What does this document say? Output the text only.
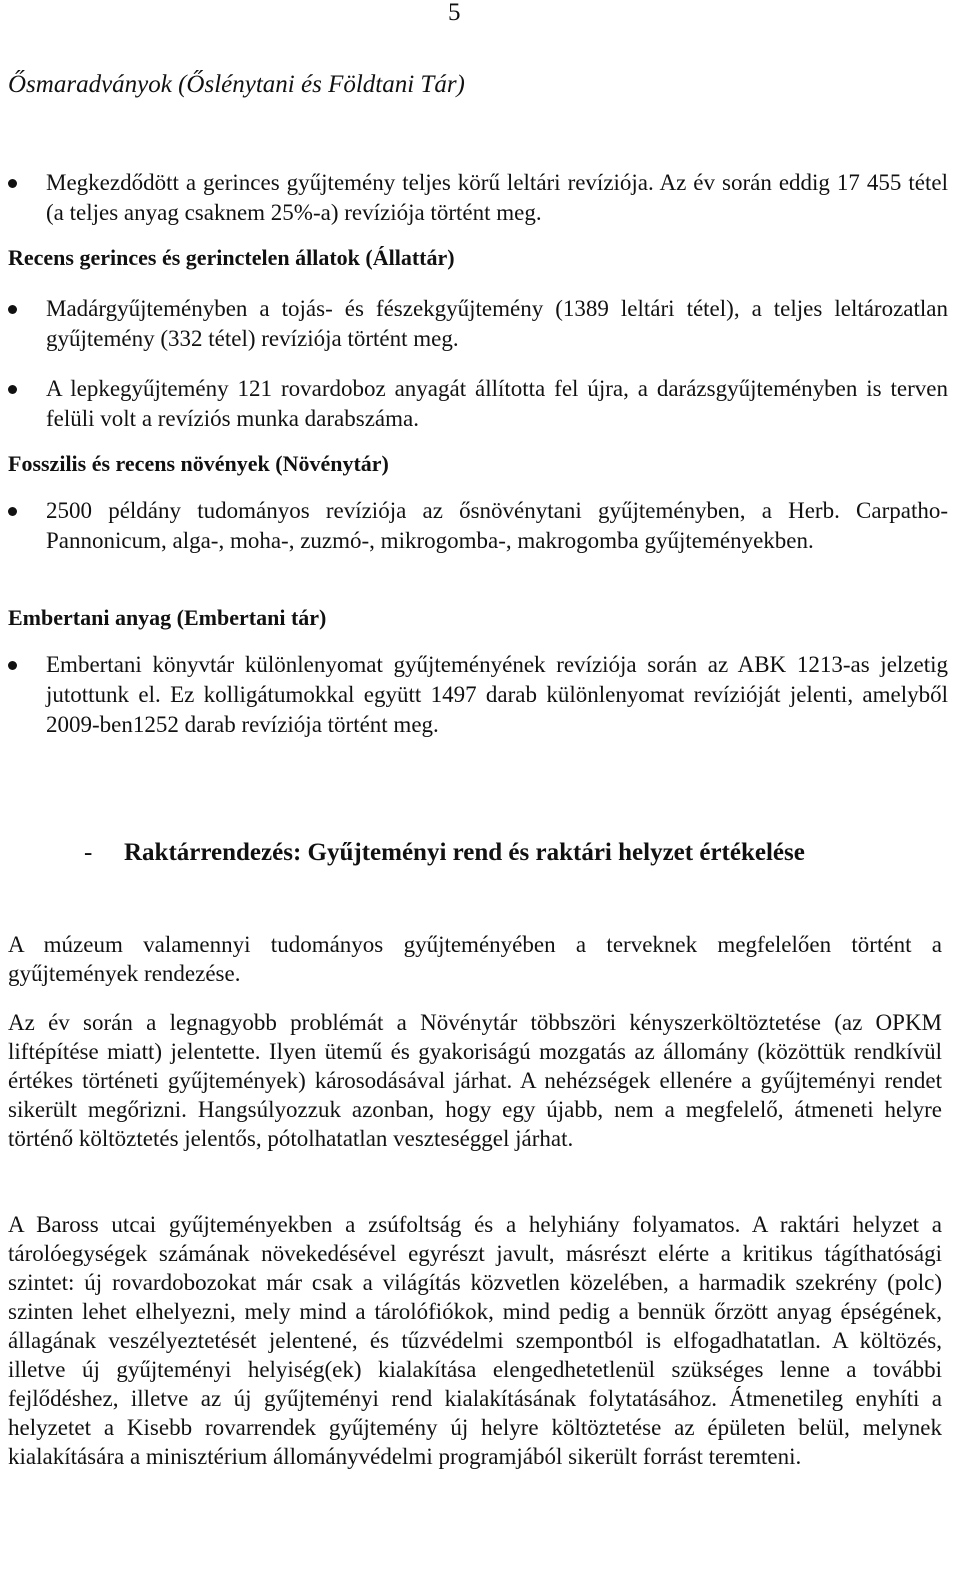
5
Ősmaradványok (Őslénytani és Földtani Tár)
Megkezdődött a gerinces gyűjtemény teljes körű leltári revíziója. Az év során eddig 17 455 tétel (a teljes anyag csaknem 25%-a) revíziója történt meg.
Recens gerinces és gerinctelen állatok (Állattár)
Madárgyűjteményben a tojás- és fészekgyűjtemény (1389 leltári tétel), a teljes leltározatlan gyűjtemény (332 tétel) revíziója történt meg.
A lepkegyűjtemény 121 rovardoboz anyagát állította fel újra, a darázsgyűjteményben is terven felüli volt a revíziós munka darabszáma.
Fosszilis és recens növények (Növénytár)
2500 példány tudományos revíziója az ősnövénytani gyűjteményben, a Herb. Carpatho-Pannonicum, alga-, moha-, zuzmó-, mikrogomba-, makrogomba gyűjteményekben.
Embertani anyag (Embertani tár)
Embertani könyvtár különlenyomat gyűjteményének revíziója során az ABK 1213-as jelzetig jutottunk el. Ez kolligátumokkal együtt 1497 darab különlenyomat revízióját jelenti, amelyből 2009-ben1252 darab revíziója történt meg.
- Raktárrendezés: Gyűjteményi rend és raktári helyzet értékelése
A múzeum valamennyi tudományos gyűjteményében a terveknek megfelelően történt a gyűjtemények rendezése.
Az év során a legnagyobb problémát a Növénytár többszöri kényszerköltöztetése (az OPKM liftépítése miatt) jelentette. Ilyen ütemű és gyakoriságú mozgatás az állomány (közöttük rendkívül értékes történeti gyűjtemények) károsodásával járhat. A nehézségek ellenére a gyűjteményi rendet sikerült megőrizni. Hangsúlyozzuk azonban, hogy egy újabb, nem a megfelelő, átmeneti helyre történő költöztetés jelentős, pótolhatatlan veszteséggel járhat.
A Baross utcai gyűjteményekben a zsúfoltság és a helyhiány folyamatos. A raktári helyzet a tárolóegységek számának növekedésével egyrészt javult, másrészt elérte a kritikus tágíthatósági szintet: új rovardobozokat már csak a világítás közvetlen közelében, a harmadik szekrény (polc) szinten lehet elhelyezni, mely mind a tárolófiókok, mind pedig a bennük őrzött anyag épségének, állagának veszélyeztetését jelentené, és tűzvédelmi szempontból is elfogadhatatlan. A költözés, illetve új gyűjteményi helyiség(ek) kialakítása elengedhetetlenül szükséges lenne a további fejlődéshez, illetve az új gyűjteményi rend kialakításának folytatásához. Átmenetileg enyhíti a helyzetet a Kisebb rovarrendek gyűjtemény új helyre költöztetése az épületen belül, melynek kialakítására a minisztérium állományvédelmi programjából sikerült forrást teremteni.
